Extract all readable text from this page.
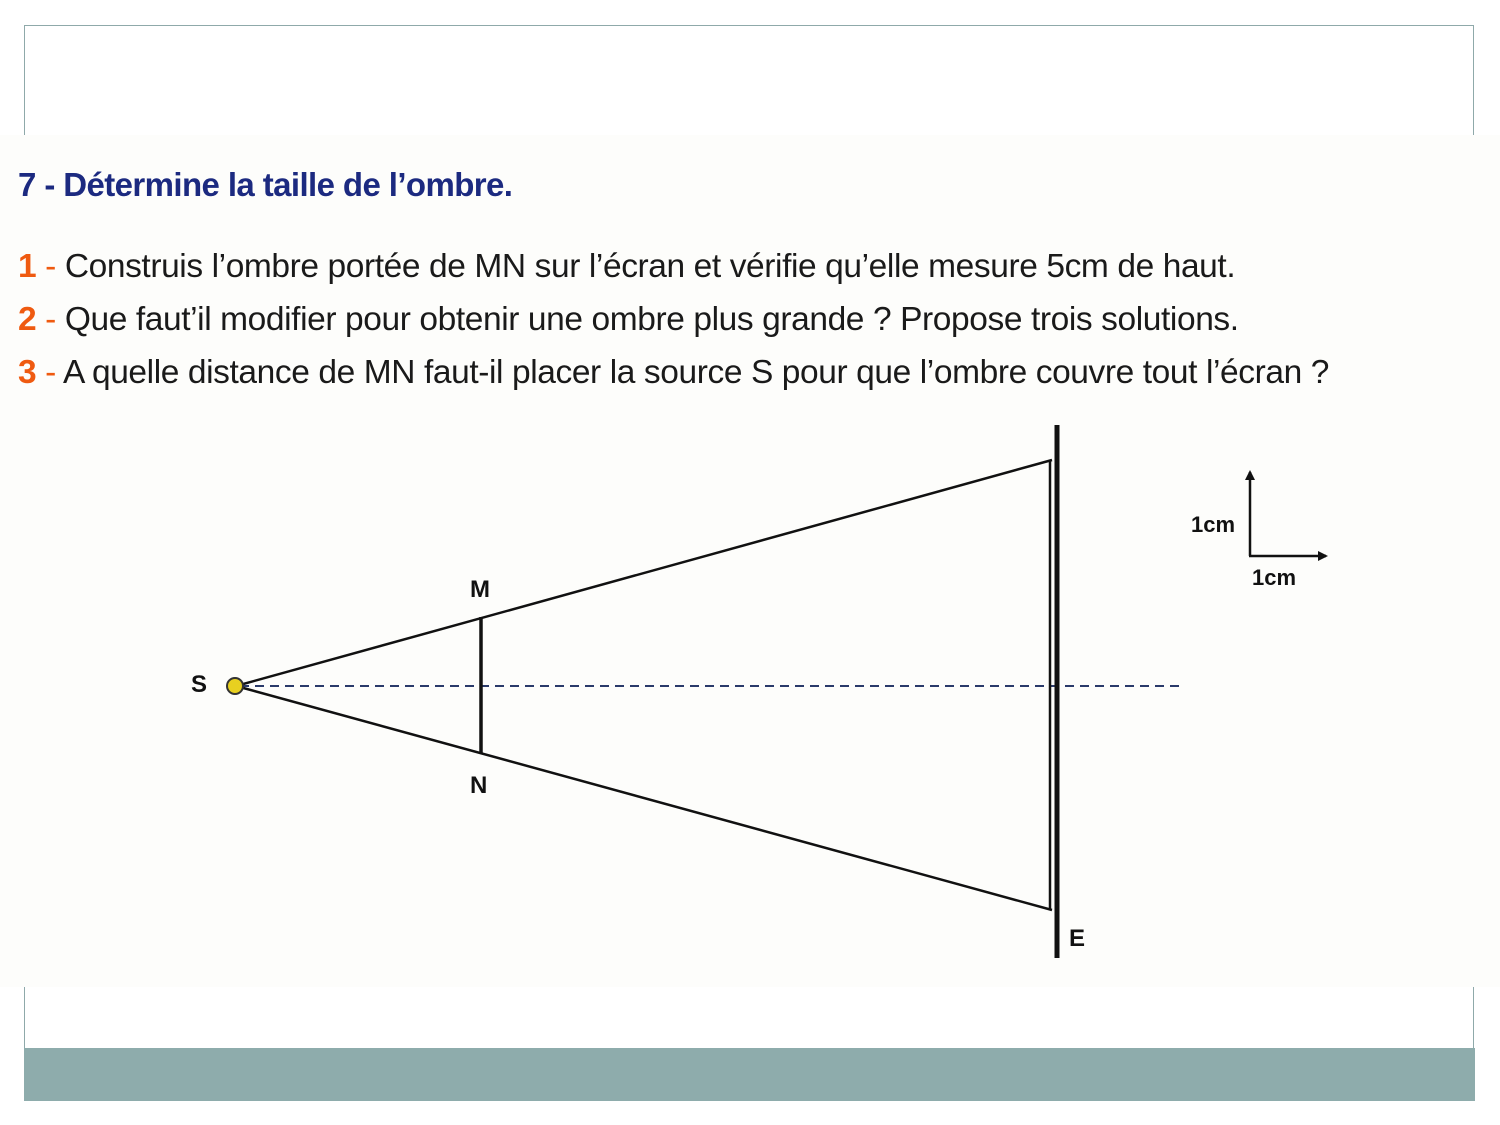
7 - Détermine la taille de l’ombre.

1 - Construis l’ombre portée de MN sur l’écran et vérifie qu’elle mesure 5cm de haut.

2 - Que faut’il modifier pour obtenir une ombre plus grande ? Propose trois solutions.

3 - A quelle distance de MN faut-il placer la source S pour que l’ombre couvre tout l’écran ?

S
M
N
E
1cm
1cm
